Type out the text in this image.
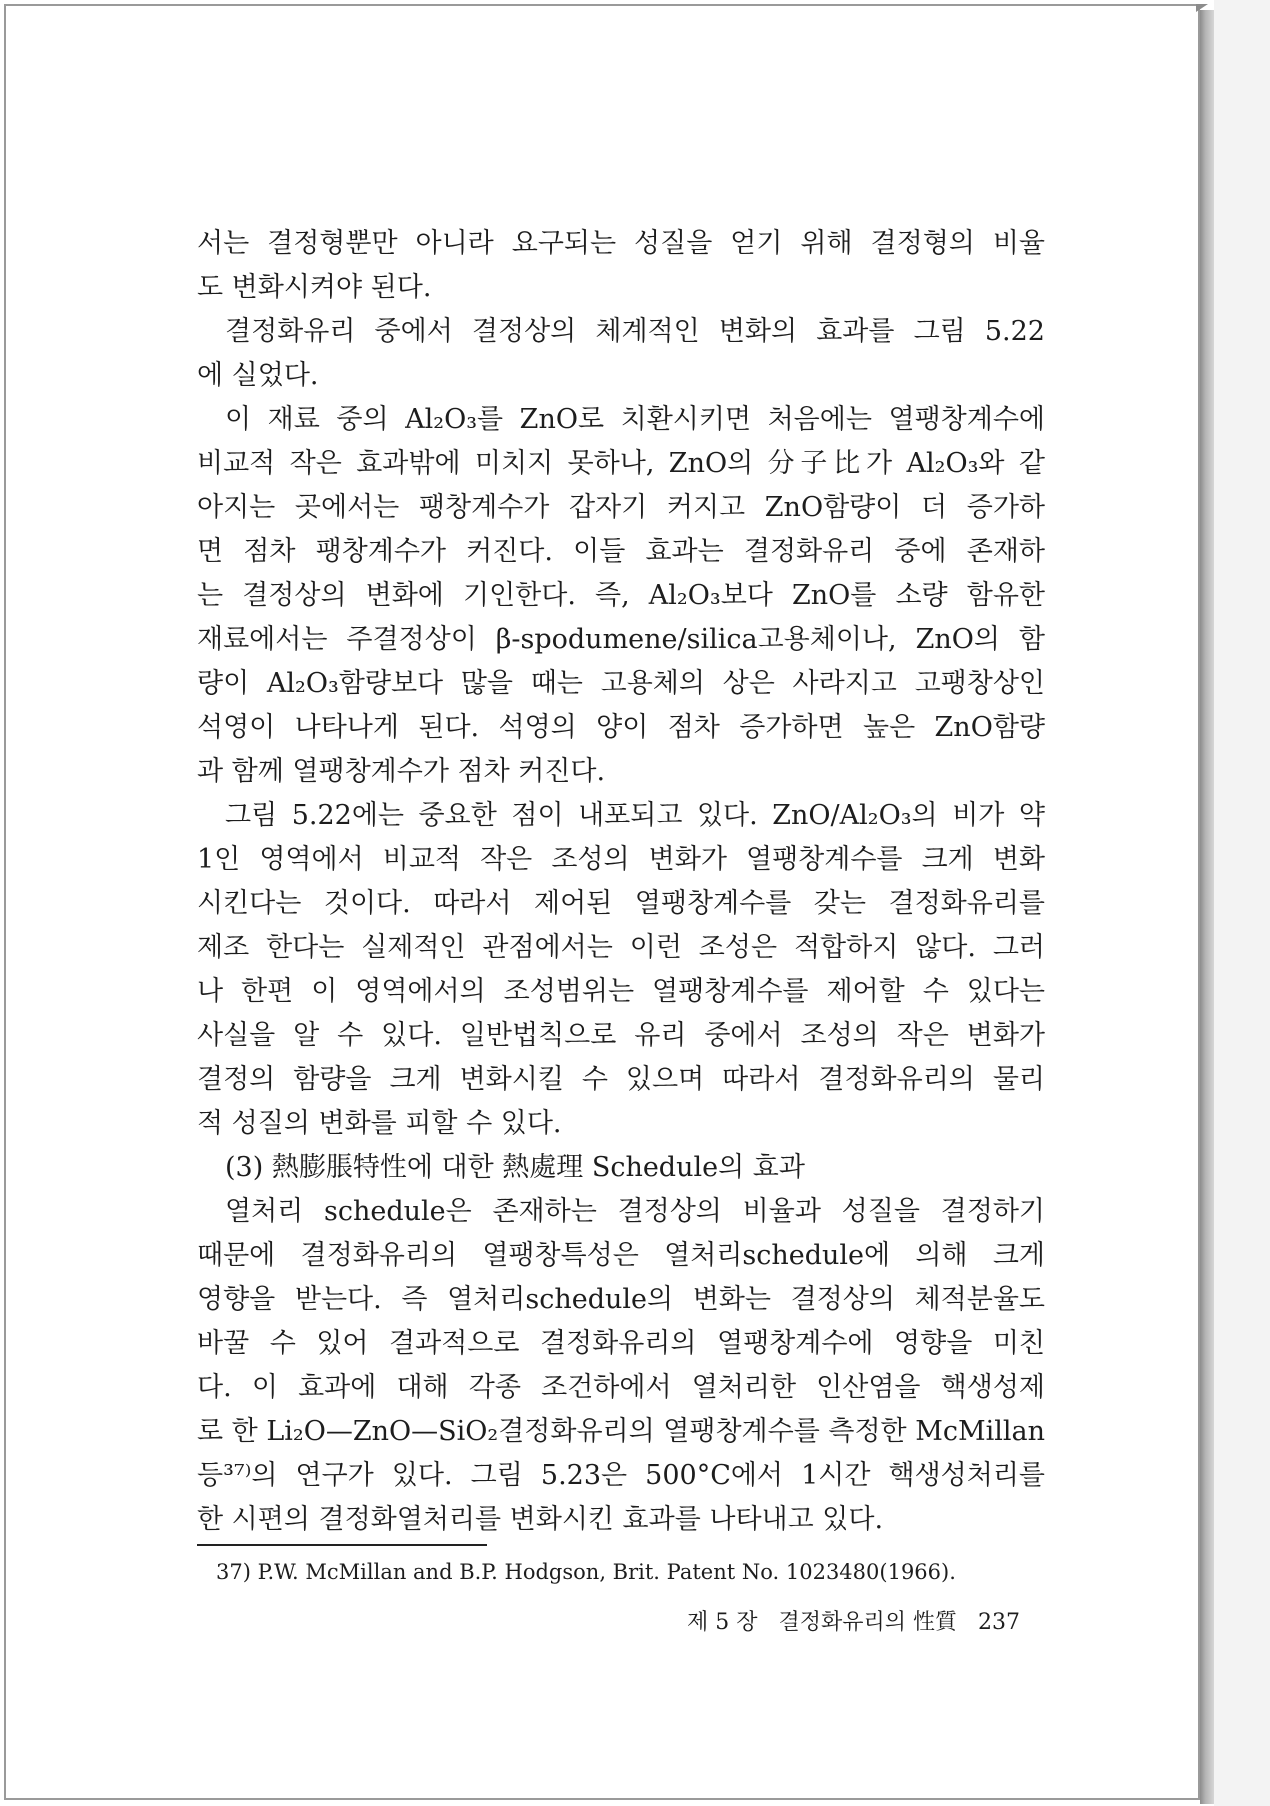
서는 결정형뿐만 아니라 요구되는 성질을 얻기 위해 결정형의 비율
도 변화시켜야 된다.
결정화유리 중에서 결정상의 체계적인 변화의 효과를 그림 5.22
에 실었다.
이 재료 중의 Al₂O₃를 ZnO로 치환시키면 처음에는 열팽창계수에
비교적 작은 효과밖에 미치지 못하나, ZnO의 分子比가 Al₂O₃와 같
아지는 곳에서는 팽창계수가 갑자기 커지고 ZnO함량이 더 증가하
면 점차 팽창계수가 커진다. 이들 효과는 결정화유리 중에 존재하
는 결정상의 변화에 기인한다. 즉, Al₂O₃보다 ZnO를 소량 함유한
재료에서는 주결정상이 β-spodumene/silica고용체이나, ZnO의 함
량이 Al₂O₃함량보다 많을 때는 고용체의 상은 사라지고 고팽창상인
석영이 나타나게 된다. 석영의 양이 점차 증가하면 높은 ZnO함량
과 함께 열팽창계수가 점차 커진다.
그림 5.22에는 중요한 점이 내포되고 있다. ZnO/Al₂O₃의 비가 약
1인 영역에서 비교적 작은 조성의 변화가 열팽창계수를 크게 변화
시킨다는 것이다. 따라서 제어된 열팽창계수를 갖는 결정화유리를
제조 한다는 실제적인 관점에서는 이런 조성은 적합하지 않다. 그러
나 한편 이 영역에서의 조성범위는 열팽창계수를 제어할 수 있다는
사실을 알 수 있다. 일반법칙으로 유리 중에서 조성의 작은 변화가
결정의 함량을 크게 변화시킬 수 있으며 따라서 결정화유리의 물리
적 성질의 변화를 피할 수 있다.
(3) 熱膨脹特性에 대한 熱處理 Schedule의 효과
열처리 schedule은 존재하는 결정상의 비율과 성질을 결정하기
때문에 결정화유리의 열팽창특성은 열처리schedule에 의해 크게
영향을 받는다. 즉 열처리schedule의 변화는 결정상의 체적분율도
바꿀 수 있어 결과적으로 결정화유리의 열팽창계수에 영향을 미친
다. 이 효과에 대해 각종 조건하에서 열처리한 인산염을 핵생성제
로 한 Li₂O—ZnO—SiO₂결정화유리의 열팽창계수를 측정한 McMillan
등³⁷⁾의 연구가 있다. 그림 5.23은 500°C에서 1시간 핵생성처리를
한 시편의 결정화열처리를 변화시킨 효과를 나타내고 있다.
37) P.W. McMillan and B.P. Hodgson, Brit. Patent No. 1023480(1966).
제 5 장 결정화유리의 性質 237
